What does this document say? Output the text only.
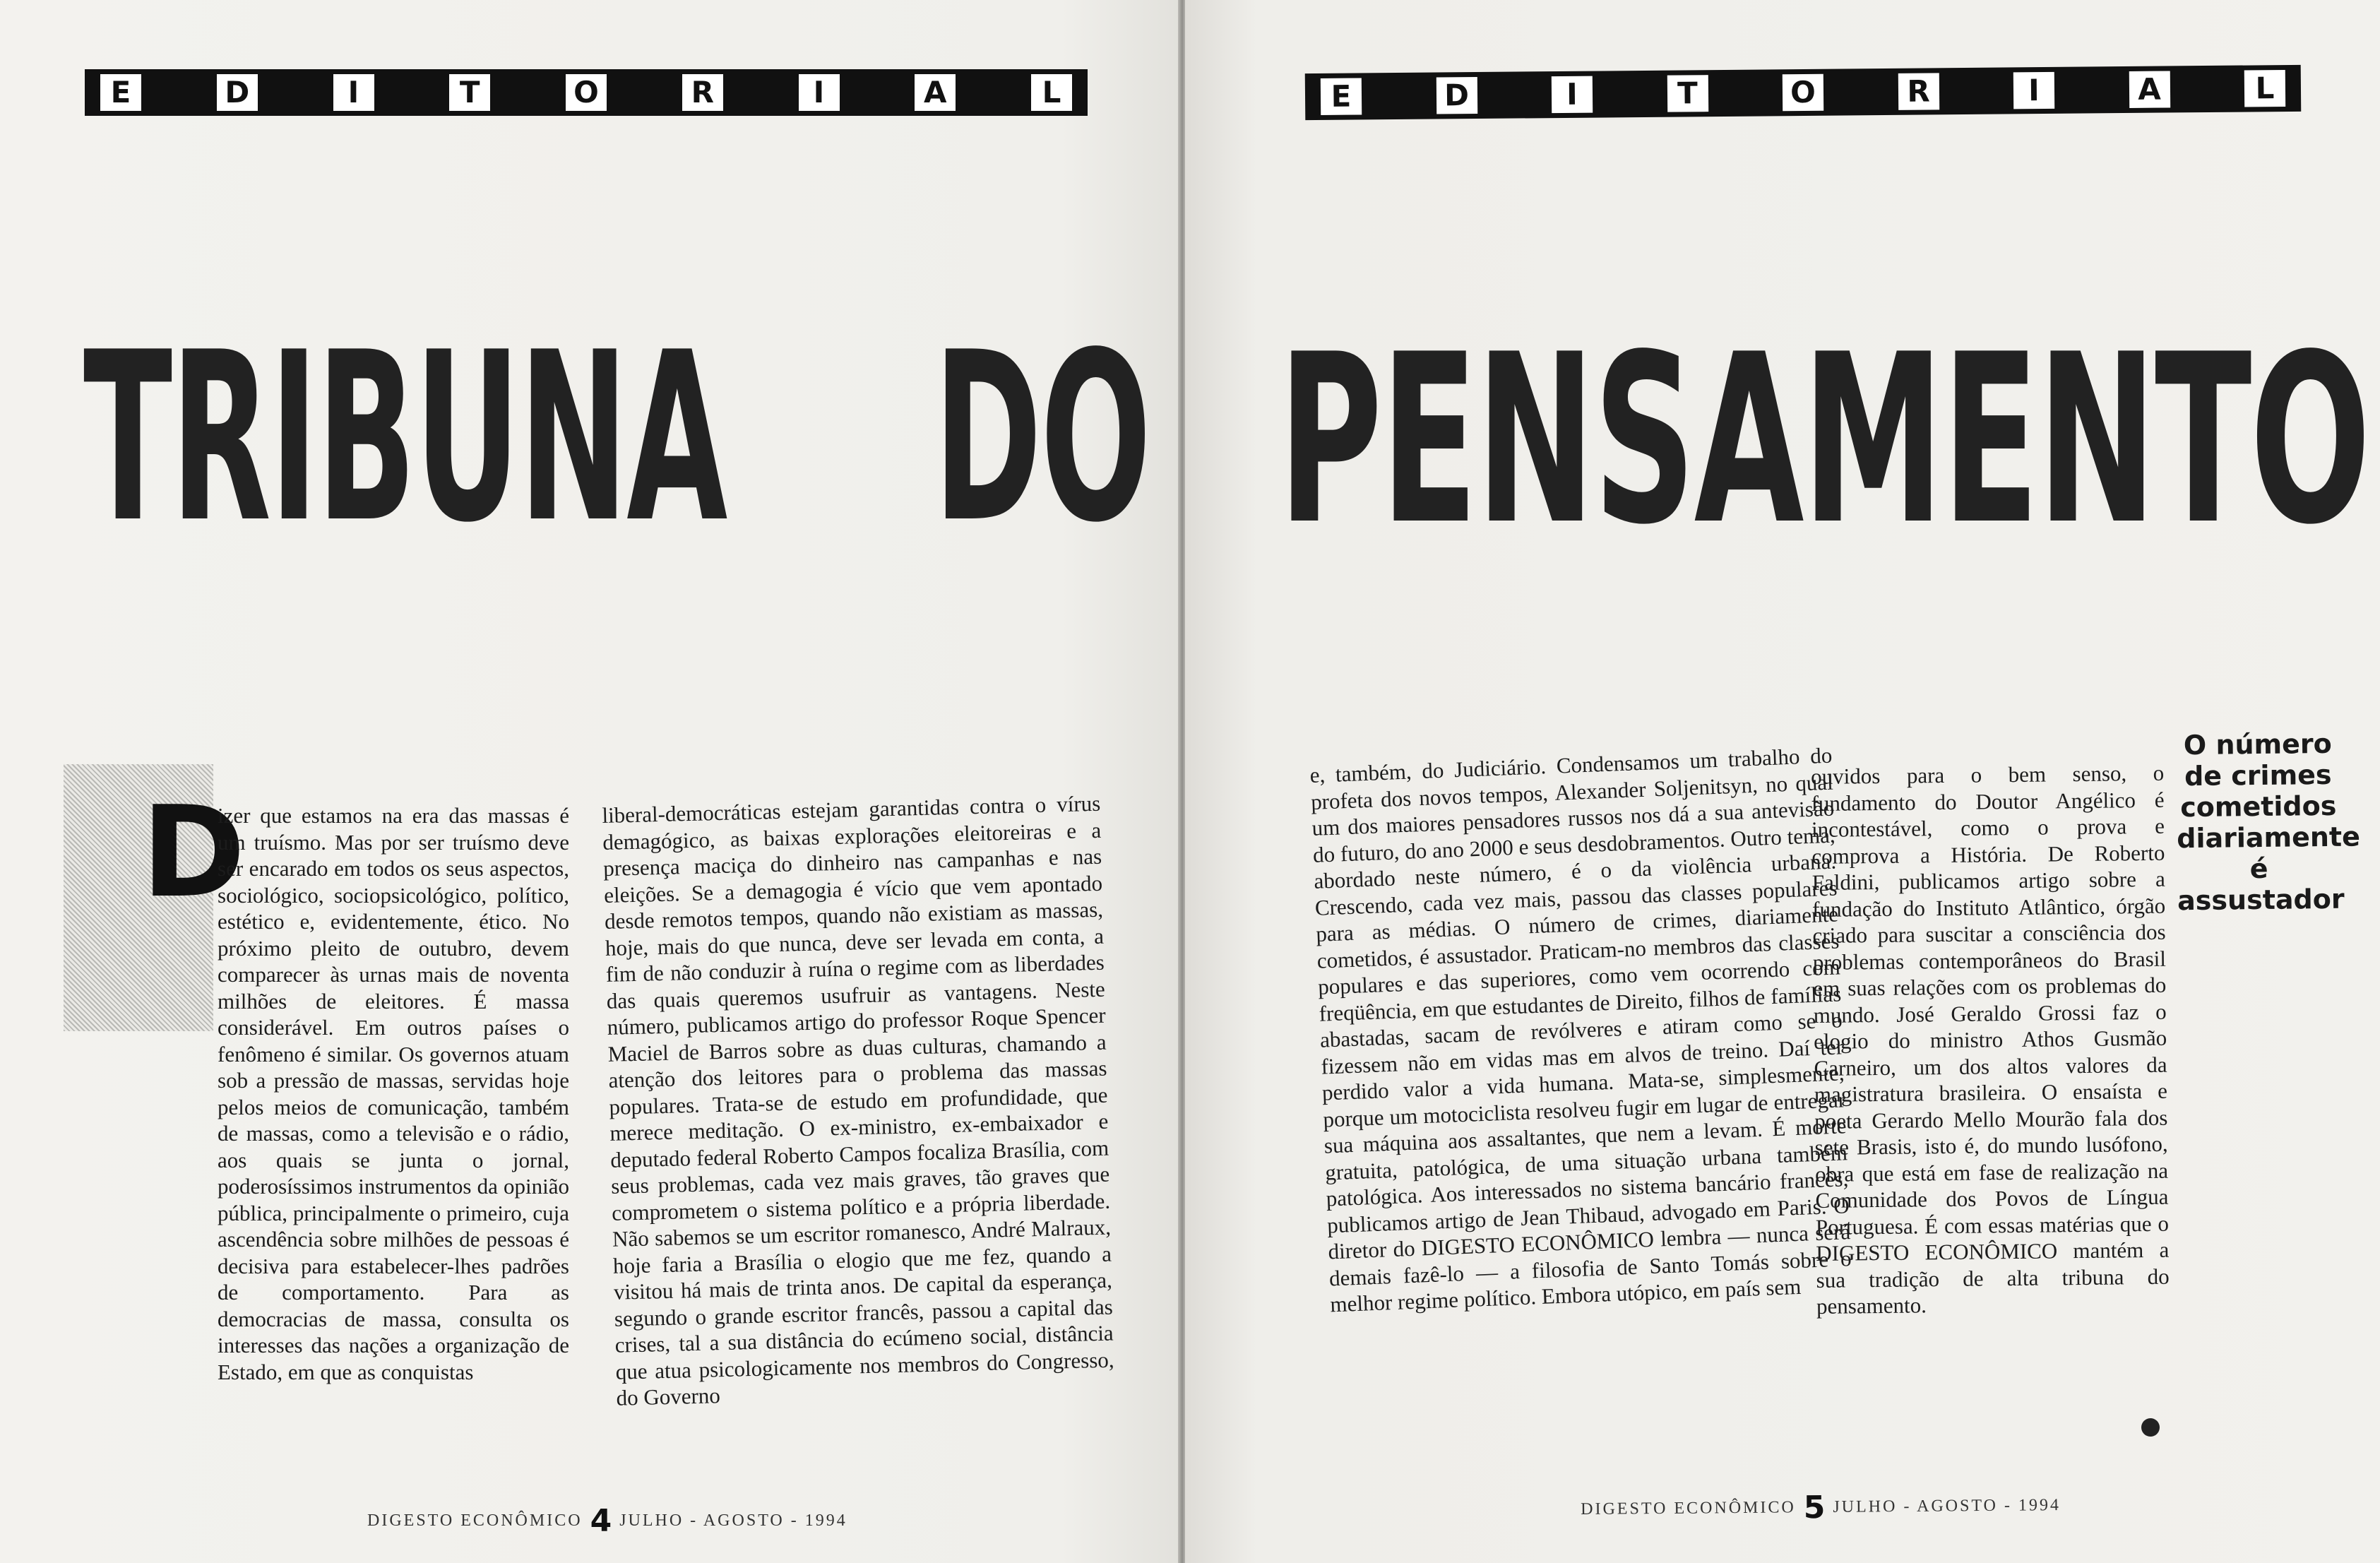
E	D	I	T	O	R	I	A	L
TRIBUNA DO

D

izer que estamos na era das massas é um truísmo. Mas por ser truísmo deve ser encarado em todos os seus aspectos, sociológico, sociopsicológico, político, estético e, evidentemente, ético. No próximo pleito de outubro, devem comparecer às urnas mais de noventa milhões de eleitores. É massa considerável. Em outros países o fenômeno é similar. Os governos atuam sob a pressão de massas, servidas hoje pelos meios de comunicação, também de massas, como a televisão e o rádio, aos quais se junta o jornal, poderosíssimos instrumentos da opinião pública, principalmente o primeiro, cuja ascendência sobre milhões de pessoas é decisiva para estabelecer-lhes padrões de comportamento. Para as democracias de massa, consulta os interesses das nações a organização de Estado, em que as conquistas

liberal-democráticas estejam garantidas contra o vírus demagógico, as baixas explorações eleitoreiras e a presença maciça do dinheiro nas campanhas e nas eleições. Se a demagogia é vício que vem apontado desde remotos tempos, quando não existiam as massas, hoje, mais do que nunca, deve ser levada em conta, a fim de não conduzir à ruína o regime com as liberdades das quais queremos usufruir as vantagens. Neste número, publicamos artigo do professor Roque Spencer Maciel de Barros sobre as duas culturas, chamando a atenção dos leitores para o problema das massas populares. Trata-se de estudo em profundidade, que merece meditação. O ex-ministro, ex-embaixador e deputado federal Roberto Campos focaliza Brasília, com seus problemas, cada vez mais graves, tão graves que comprometem o sistema político e a própria liberdade. Não sabemos se um escritor romanesco, André Malraux, hoje faria a Brasília o elogio que me fez, quando a visitou há mais de trinta anos. De capital da esperança, segundo o grande escritor francês, passou a capital das crises, tal a sua distância do ecúmeno social, distância que atua psicologicamente nos membros do Congresso, do Governo

DIGESTO ECONÔMICO 4 JULHO - AGOSTO - 1994
E	D	I	T	O	R	I	A	L
PENSAMENTO

e, também, do Judiciário. Condensamos um trabalho do profeta dos novos tempos, Alexander Soljenitsyn, no qual um dos maiores pensadores russos nos dá a sua antevisão do futuro, do ano 2000 e seus desdobramentos. Outro tema, abordado neste número, é o da violência urbana. Crescendo, cada vez mais, passou das classes populares para as médias. O número de crimes, diariamente cometidos, é assustador. Praticam-no membros das classes populares e das superiores, como vem ocorrendo com freqüência, em que estudantes de Direito, filhos de famílias abastadas, sacam de revólveres e atiram como se o fizessem não em vidas mas em alvos de treino. Daí ter perdido valor a vida humana. Mata-se, simplesmente, porque um motociclista resolveu fugir em lugar de entregar sua máquina aos assaltantes, que nem a levam. É morte gratuita, patológica, de uma situação urbana também patológica. Aos interessados no sistema bancário francês, publicamos artigo de Jean Thibaud, advogado em Paris. O diretor do DIGESTO ECONÔMICO lembra — nunca será demais fazê-lo — a filosofia de Santo Tomás sobre o melhor regime político. Embora utópico, em país sem

ouvidos para o bem senso, o fundamento do Doutor Angélico é incontestável, como o prova e comprova a História. De Roberto Faldini, publicamos artigo sobre a fundação do Instituto Atlântico, órgão criado para suscitar a consciência dos problemas contemporâneos do Brasil em suas relações com os problemas do mundo. José Geraldo Grossi faz o elogio do ministro Athos Gusmão Carneiro, um dos altos valores da magistratura brasileira. O ensaísta e poeta Gerardo Mello Mourão fala dos sete Brasis, isto é, do mundo lusófono, obra que está em fase de realização na Comunidade dos Povos de Língua Portuguesa. É com essas matérias que o DIGESTO ECONÔMICO mantém a sua tradição de alta tribuna do pensamento.

O número de crimes cometidos diariamente é assustador

DIGESTO ECONÔMICO 5 JULHO - AGOSTO - 1994
